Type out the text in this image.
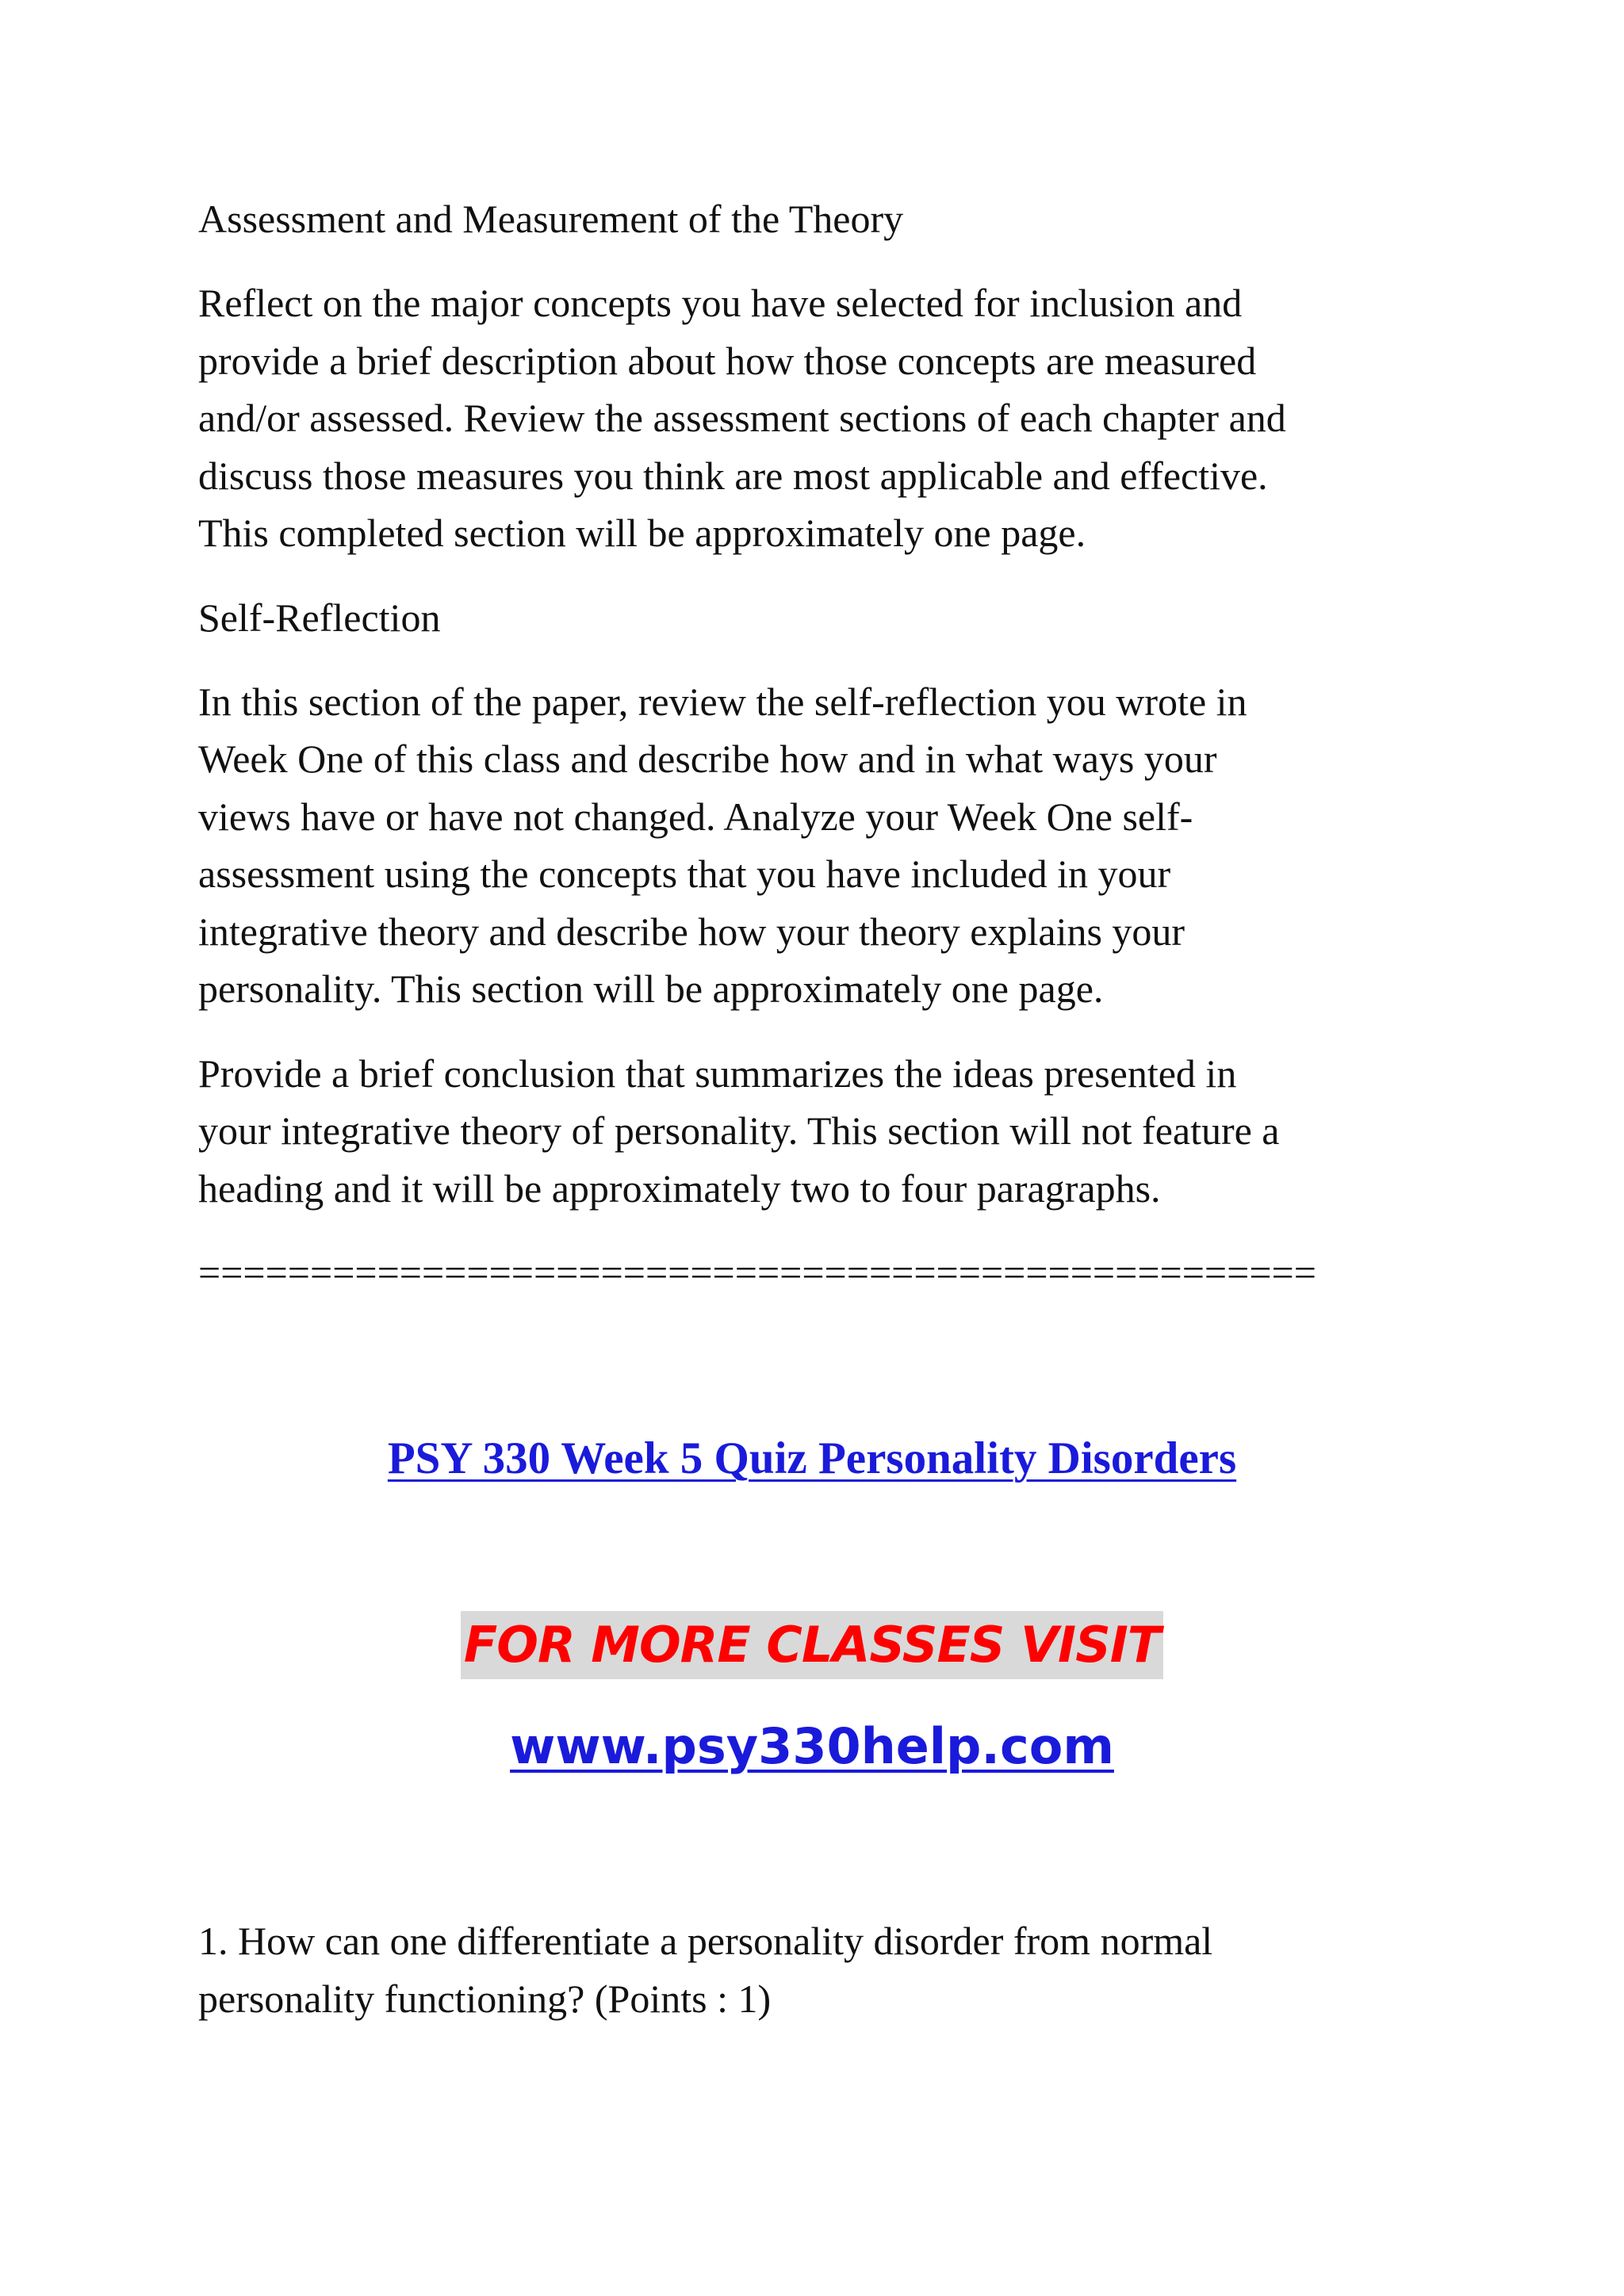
Assessment and Measurement of the Theory

Reflect on the major concepts you have selected for inclusion and
provide a brief description about how those concepts are measured
and/or assessed. Review the assessment sections of each chapter and
discuss those measures you think are most applicable and effective.
This completed section will be approximately one page.

Self-Reflection

In this section of the paper, review the self-reflection you wrote in
Week One of this class and describe how and in what ways your
views have or have not changed. Analyze your Week One self-
assessment using the concepts that you have included in your
integrative theory and describe how your theory explains your
personality. This section will be approximately one page.

Provide a brief conclusion that summarizes the ideas presented in
your integrative theory of personality. This section will not feature a
heading and it will be approximately two to four paragraphs.

==================================================

PSY 330 Week 5 Quiz Personality Disorders
FOR MORE CLASSES VISIT
www.psy330help.com
1. How can one differentiate a personality disorder from normal
personality functioning? (Points : 1)
